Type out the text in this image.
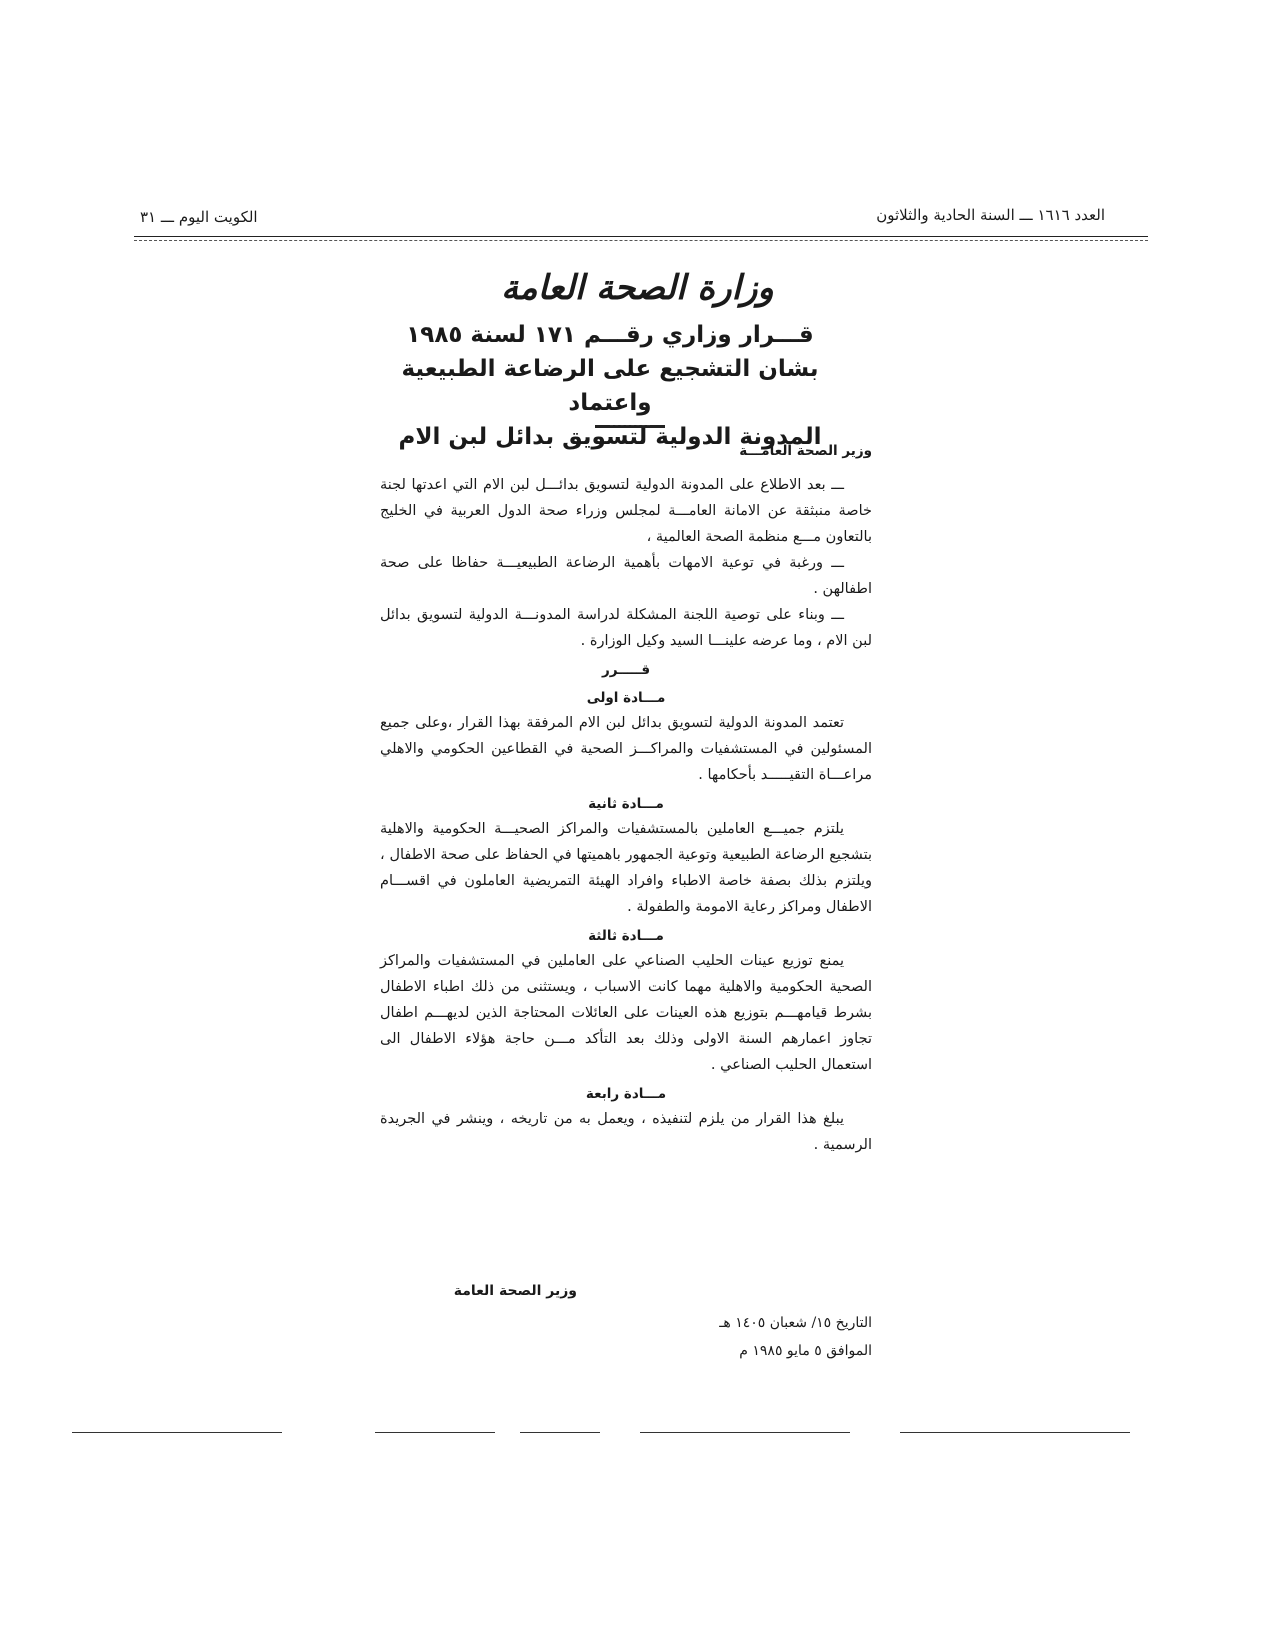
العدد ١٦١٦ ـــ السنة الحادية والثلاثون
الكويت اليوم ـــ ٣١
وزارة الصحة العامة
قـــرار وزاري رقـــم ١٧١ لسنة ١٩٨٥
بشان التشجيع على الرضاعة الطبيعية واعتماد
المدونة الدولية لتسويق بدائل لبن الام

وزير الصحة العامـــة

ـــ بعد الاطلاع على المدونة الدولية لتسويق بدائـــل لبن الام التي اعدتها لجنة خاصة منبثقة عن الامانة العامـــة لمجلس وزراء صحة الدول العربية في الخليج بالتعاون مـــع منظمة الصحة العالمية ،

ـــ ورغبة في توعية الامهات بأهمية الرضاعة الطبيعيـــة حفاظا على صحة اطفالهن .

ـــ وبناء على توصية اللجنة المشكلة لدراسة المدونـــة الدولية لتسويق بدائل لبن الام ، وما عرضه علينـــا السيد وكيل الوزارة .

قـــــرر

مـــادة اولى

تعتمد المدونة الدولية لتسويق بدائل لبن الام المرفقة بهذا القرار ،وعلى جميع المسئولين في المستشفيات والمراكـــز الصحية في القطاعين الحكومي والاهلي مراعـــاة التقيـــــد بأحكامها .

مـــادة ثانية

يلتزم جميـــع العاملين بالمستشفيات والمراكز الصحيـــة الحكومية والاهلية بتشجيع الرضاعة الطبيعية وتوعية الجمهور باهميتها في الحفاظ على صحة الاطفال ، ويلتزم بذلك بصفة خاصة الاطباء وافراد الهيئة التمريضية العاملون في اقســـام الاطفال ومراكز رعاية الامومة والطفولة .

مـــادة ثالثة

يمنع توزيع عينات الحليب الصناعي على العاملين في المستشفيات والمراكز الصحية الحكومية والاهلية مهما كانت الاسباب ، ويستثنى من ذلك اطباء الاطفال بشرط قيامهـــم بتوزيع هذه العينات على العائلات المحتاجة الذين لديهـــم اطفال تجاوز اعمارهم السنة الاولى وذلك بعد التأكد مـــن حاجة هؤلاء الاطفال الى استعمال الحليب الصناعي .

مـــادة رابعة

يبلغ هذا القرار من يلزم لتنفيذه ، ويعمل به من تاريخه ، وينشر في الجريدة الرسمية .

وزير الصحة العامة
التاريخ ١٥/ شعبان ١٤٠٥ هـ
الموافق ٥ مايو ١٩٨٥ م
